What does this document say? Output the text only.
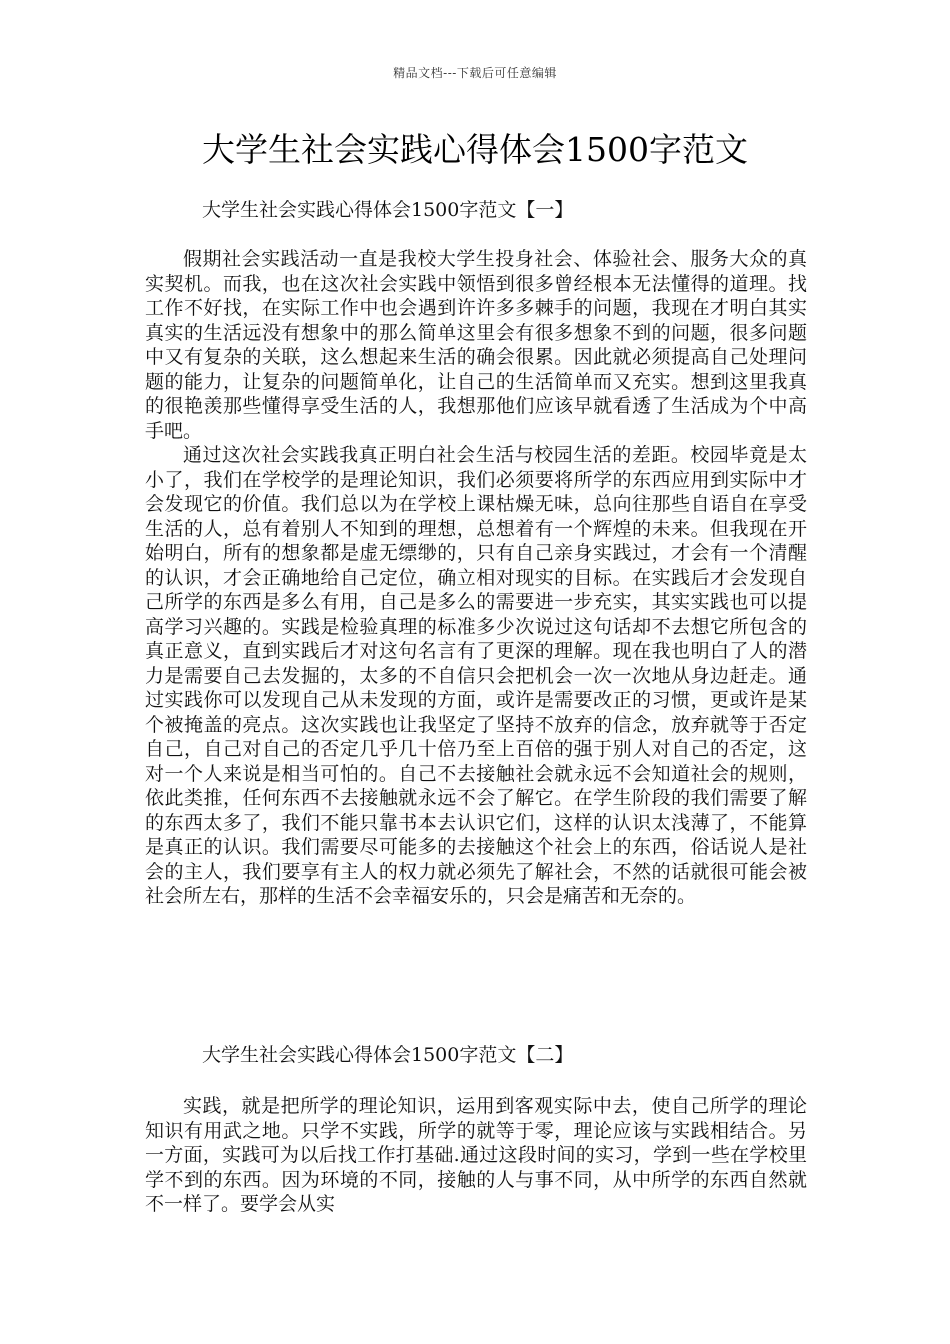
精品文档---下载后可任意编辑
大学生社会实践心得体会1500字范文
大学生社会实践心得体会1500字范文【一】

假期社会实践活动一直是我校大学生投身社会、体验社会、服务大众的真实契机。而我，也在这次社会实践中领悟到很多曾经根本无法懂得的道理。找工作不好找，在实际工作中也会遇到许许多多棘手的问题，我现在才明白其实真实的生活远没有想象中的那么简单这里会有很多想象不到的问题，很多问题中又有复杂的关联，这么想起来生活的确会很累。因此就必须提高自己处理问题的能力，让复杂的问题简单化，让自己的生活简单而又充实。想到这里我真的很艳羡那些懂得享受生活的人，我想那他们应该早就看透了生活成为个中高手吧。

通过这次社会实践我真正明白社会生活与校园生活的差距。校园毕竟是太小了，我们在学校学的是理论知识，我们必须要将所学的东西应用到实际中才会发现它的价值。我们总以为在学校上课枯燥无味，总向往那些自语自在享受生活的人，总有着别人不知到的理想，总想着有一个辉煌的未来。但我现在开始明白，所有的想象都是虚无缥缈的，只有自己亲身实践过，才会有一个清醒的认识，才会正确地给自己定位，确立相对现实的目标。在实践后才会发现自己所学的东西是多么有用，自己是多么的需要进一步充实，其实实践也可以提高学习兴趣的。实践是检验真理的标准多少次说过这句话却不去想它所包含的真正意义，直到实践后才对这句名言有了更深的理解。现在我也明白了人的潜力是需要自己去发掘的，太多的不自信只会把机会一次一次地从身边赶走。通过实践你可以发现自己从未发现的方面，或许是需要改正的习惯，更或许是某个被掩盖的亮点。这次实践也让我坚定了坚持不放弃的信念，放弃就等于否定自己，自己对自己的否定几乎几十倍乃至上百倍的强于别人对自己的否定，这对一个人来说是相当可怕的。自己不去接触社会就永远不会知道社会的规则，依此类推，任何东西不去接触就永远不会了解它。在学生阶段的我们需要了解的东西太多了，我们不能只靠书本去认识它们，这样的认识太浅薄了，不能算是真正的认识。我们需要尽可能多的去接触这个社会上的东西，俗话说人是社会的主人，我们要享有主人的权力就必须先了解社会，不然的话就很可能会被社会所左右，那样的生活不会幸福安乐的，只会是痛苦和无奈的。

大学生社会实践心得体会1500字范文【二】

实践，就是把所学的理论知识，运用到客观实际中去，使自己所学的理论知识有用武之地。只学不实践，所学的就等于零，理论应该与实践相结合。另一方面，实践可为以后找工作打基础.通过这段时间的实习，学到一些在学校里学不到的东西。因为环境的不同，接触的人与事不同，从中所学的东西自然就不一样了。要学会从实
